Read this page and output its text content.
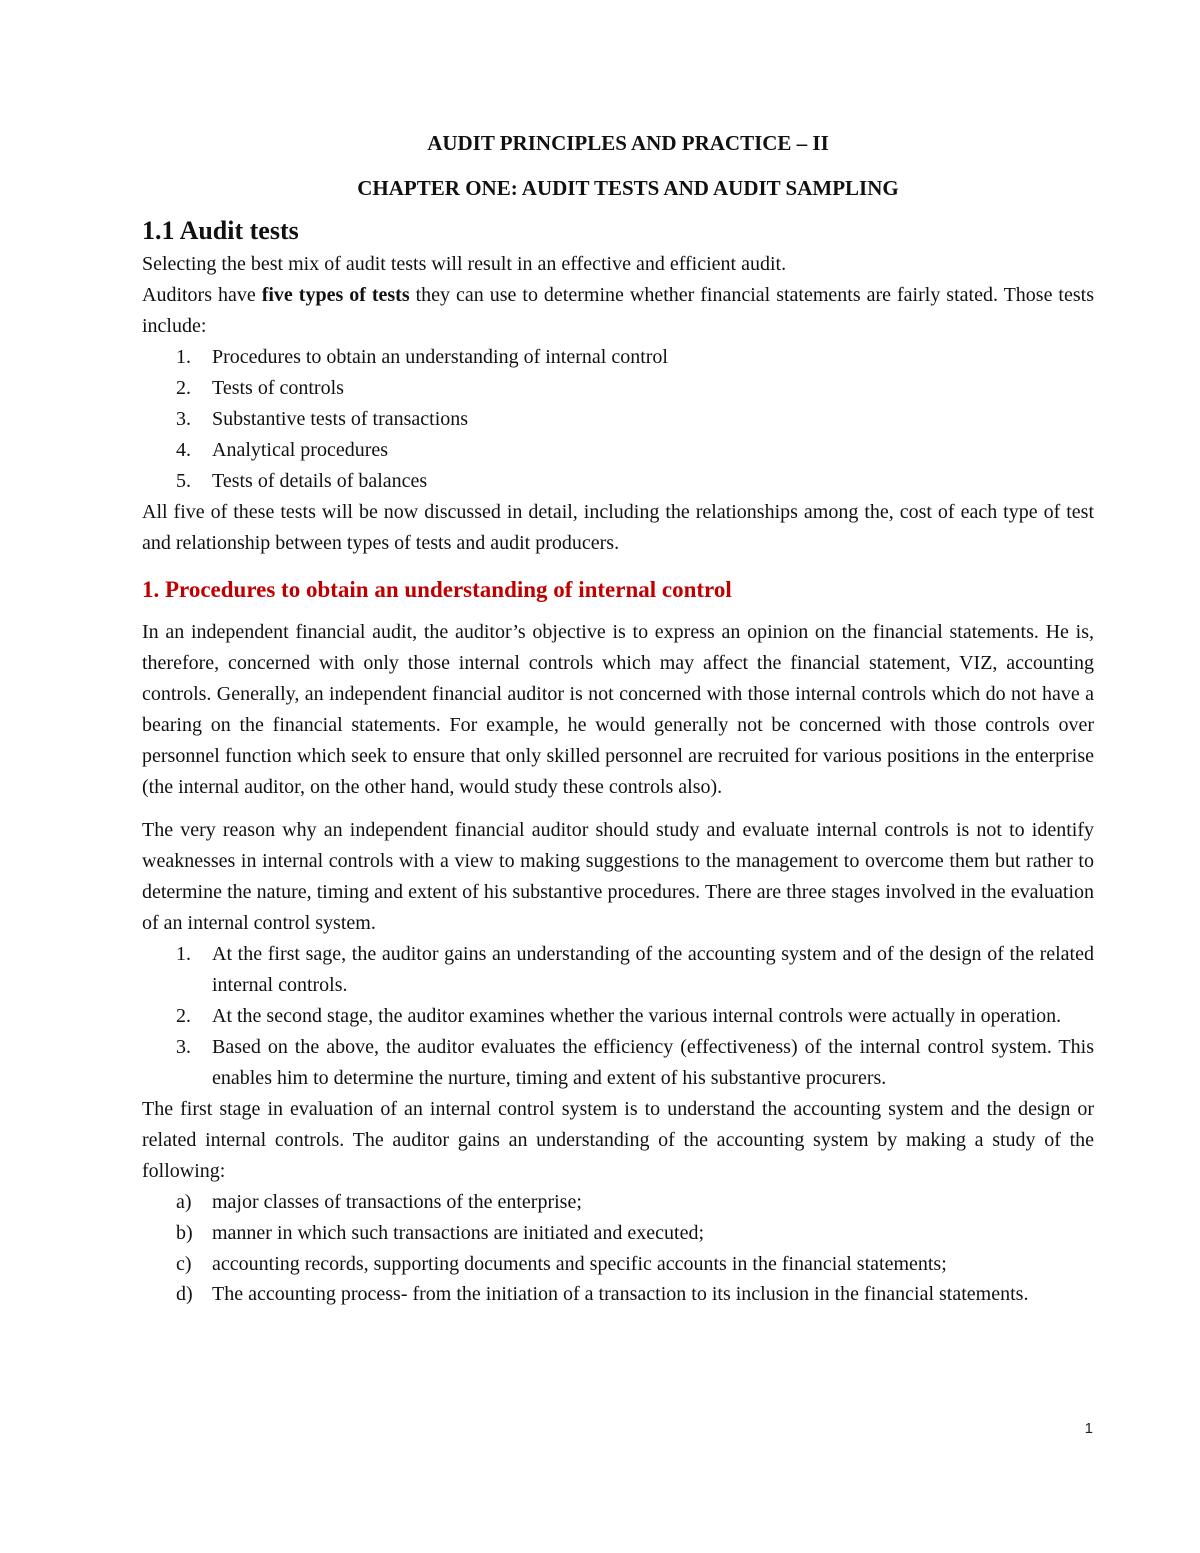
AUDIT PRINCIPLES AND PRACTICE – II
CHAPTER ONE: AUDIT TESTS AND AUDIT SAMPLING
1.1 Audit tests

Selecting the best mix of audit tests will result in an effective and efficient audit.

Auditors have five types of tests they can use to determine whether financial statements are fairly stated. Those tests include:

1. Procedures to obtain an understanding of internal control
2. Tests of controls
3. Substantive tests of transactions
4. Analytical procedures
5. Tests of details of balances

All five of these tests will be now discussed in detail, including the relationships among the, cost of each type of test and relationship between types of tests and audit producers.

1. Procedures to obtain an understanding of internal control

In an independent financial audit, the auditor’s objective is to express an opinion on the financial statements. He is, therefore, concerned with only those internal controls which may affect the financial statement, VIZ, accounting controls. Generally, an independent financial auditor is not concerned with those internal controls which do not have a bearing on the financial statements. For example, he would generally not be concerned with those controls over personnel function which seek to ensure that only skilled personnel are recruited for various positions in the enterprise (the internal auditor, on the other hand, would study these controls also).

The very reason why an independent financial auditor should study and evaluate internal controls is not to identify weaknesses in internal controls with a view to making suggestions to the management to overcome them but rather to determine the nature, timing and extent of his substantive procedures. There are three stages involved in the evaluation of an internal control system.

1. At the first sage, the auditor gains an understanding of the accounting system and of the design of the related internal controls.
2. At the second stage, the auditor examines whether the various internal controls were actually in operation.
3. Based on the above, the auditor evaluates the efficiency (effectiveness) of the internal control system. This enables him to determine the nurture, timing and extent of his substantive procurers.

The first stage in evaluation of an internal control system is to understand the accounting system and the design or related internal controls. The auditor gains an understanding of the accounting system by making a study of the following:

a) major classes of transactions of the enterprise;
b) manner in which such transactions are initiated and executed;
c) accounting records, supporting documents and specific accounts in the financial statements;
d) The accounting process- from the initiation of a transaction to its inclusion in the financial statements.
1
